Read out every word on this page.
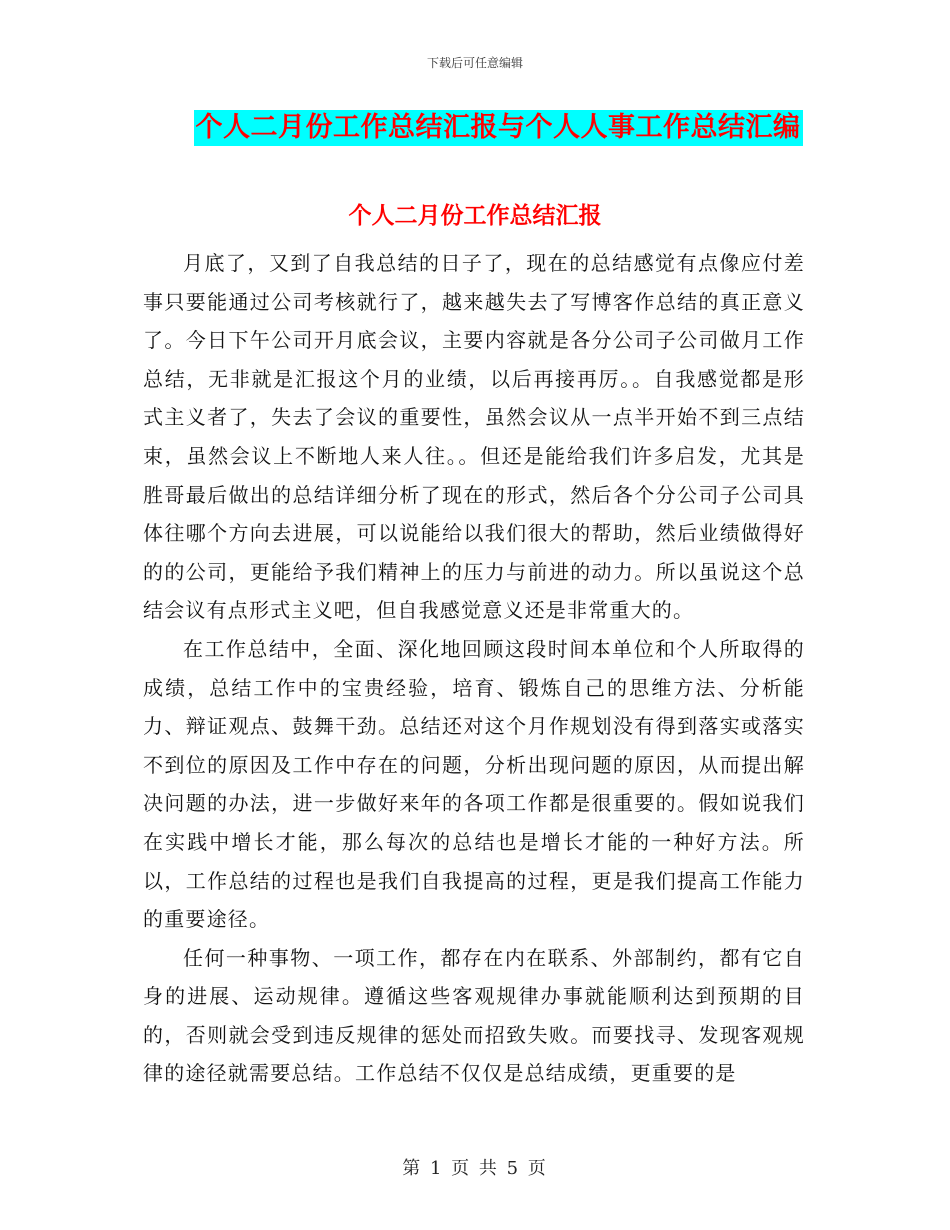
下载后可任意编辑
个人二月份工作总结汇报与个人人事工作总结汇编
个人二月份工作总结汇报

月底了，又到了自我总结的日子了，现在的总结感觉有点像应付差事只要能通过公司考核就行了，越来越失去了写博客作总结的真正意义了。今日下午公司开月底会议，主要内容就是各分公司子公司做月工作总结，无非就是汇报这个月的业绩，以后再接再厉。。自我感觉都是形式主义者了，失去了会议的重要性，虽然会议从一点半开始不到三点结束，虽然会议上不断地人来人往。。但还是能给我们许多启发，尤其是胜哥最后做出的总结详细分析了现在的形式，然后各个分公司子公司具体往哪个方向去进展，可以说能给以我们很大的帮助，然后业绩做得好的的公司，更能给予我们精神上的压力与前进的动力。所以虽说这个总结会议有点形式主义吧，但自我感觉意义还是非常重大的。

在工作总结中，全面、深化地回顾这段时间本单位和个人所取得的成绩，总结工作中的宝贵经验，培育、锻炼自己的思维方法、分析能力、辩证观点、鼓舞干劲。总结还对这个月作规划没有得到落实或落实不到位的原因及工作中存在的问题，分析出现问题的原因，从而提出解决问题的办法，进一步做好来年的各项工作都是很重要的。假如说我们在实践中增长才能，那么每次的总结也是增长才能的一种好方法。所以，工作总结的过程也是我们自我提高的过程，更是我们提高工作能力的重要途径。

任何一种事物、一项工作，都存在内在联系、外部制约，都有它自身的进展、运动规律。遵循这些客观规律办事就能顺利达到预期的目的，否则就会受到违反规律的惩处而招致失败。而要找寻、发现客观规律的途径就需要总结。工作总结不仅仅是总结成绩，更重要的是

第 1 页 共 5 页
